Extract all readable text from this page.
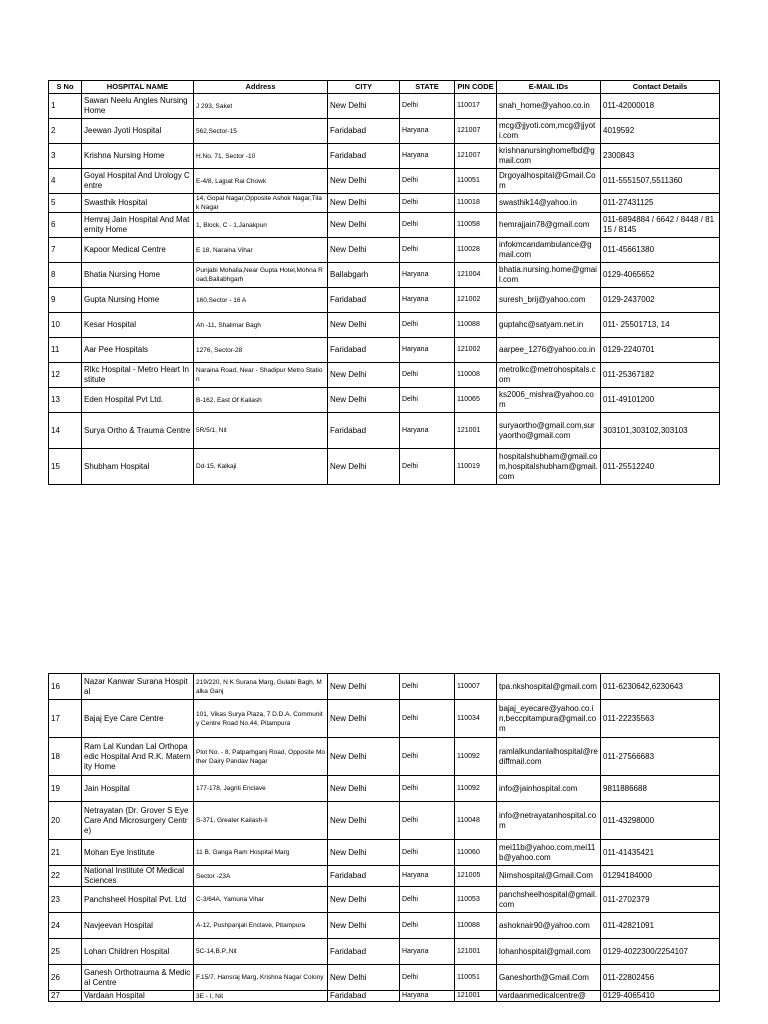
S No	HOSPITAL NAME	Address	CITY	STATE	PIN CODE	E-MAIL IDs	Contact Details
1	Sawan Neelu Angles Nursing Home	J 293, Saket	New Delhi	Delhi	110017	snah_home@yahoo.co.in	011-42000018
2	Jeewan Jyoti Hospital	562,Sector-15	Faridabad	Haryana	121007	mcg@jjyoti.com,mcg@jjyoti.com	4019592
3	Krishna Nursing Home	H.No. 71, Sector -10	Faridabad	Haryana	121007	krishnanursinghomefbd@gmail.com	2300843
4	Goyal Hospital And Urology Centre	E-4/8, Lajpat Rai Chowk	New Delhi	Delhi	110051	Drgoyalhospital@Gmail.Com	011-5551507,5511360
5	Swasthik Hospital	14, Gopal Nagar,Opposite Ashok Nagar,Tilak Nagar	New Delhi	Delhi	110018	swasthik14@yahoo.in	011-27431125
6	Hemraj Jain Hospital And Maternity Home	1, Block, C - 1,Janakpuri	New Delhi	Delhi	110058	hemrajjain78@gmail.com	011-6894884 / 6642 / 8448 / 8115 / 8145
7	Kapoor Medical Centre	E 18, Naraina Vihar	New Delhi	Delhi	110028	infokmcandambulance@gmail.com	011-45661380
8	Bhatia Nursing Home	Punjabi Mohalla,Near Gupta Hotel,Mohna Road,Ballabhgarh	Ballabgarh	Haryana	121004	bhatia.nursing.home@gmail.com	0129-4065652
9	Gupta Nursing Home	160,Sector - 16 A	Faridabad	Haryana	121002	suresh_brij@yahoo.com	0129-2437002
10	Kesar Hospital	Ah -11, Shalimar Bagh	New Delhi	Delhi	110088	guptahc@satyam.net.in	011- 25501713, 14
11	Aar Pee Hospitals	1276, Sector-28	Faridabad	Haryana	121002	aarpee_1276@yahoo.co.in	0129-2240701
12	Rlkc Hospital - Metro Heart Institute	Naraina Road, Near - Shadipur Metro Station	New Delhi	Delhi	110008	metrolkc@metrohospitals.com	011-25367182
13	Eden Hospital Pvt Ltd.	B-162, East Of Kailash	New Delhi	Delhi	110065	ks2006_mishra@yahoo.com	011-49101200
14	Surya Ortho & Trauma Centre	5R/5/1, Nit	Faridabad	Haryana	121001	suryaortho@gmail.com,suryaortho@gmail.com	303101,303102,303103
15	Shubham Hospital	Dd-15, Kalkaji	New Delhi	Delhi	110019	hospitalshubham@gmail.com,hospitalshubham@gmail.com	011-25512240
16	Nazar Kanwar Surana Hospital	219/220, N K Surana Marg, Gulabi Bagh, Malka Ganj	New Delhi	Delhi	110007	tpa.nkshospital@gmail.com	011-6230642,6230643
17	Bajaj Eye Care Centre	101, Vikas Surya Plaza, 7 D.D.A. Community Centre Road No.44, Pitampura	New Delhi	Delhi	110034	bajaj_eyecare@yahoo.co.in,beccpitampura@gmail.com	011-22235563
18	Ram Lal Kundan Lal Orthopaedic Hospital And R.K. Maternity Home	Plot No. - 8, Patparhganj Road, Opposite Mother Dairy Pandav Nagar	New Delhi	Delhi	110092	ramlalkundanlalhospital@rediffmail.com	011-27566683
19	Jain Hospital	177-178, Jagriti Enclave	New Delhi	Delhi	110092	info@jainhospital.com	9811886688
20	Netrayatan (Dr. Grover S Eye Care And Microsurgery Centre)	S-371, Greater Kailash-Ii	New Delhi	Delhi	110048	info@netrayatanhospital.com	011-43298000
21	Mohan Eye Institute	11 B, Ganga Ram Hospital Marg	New Delhi	Delhi	110060	mei11b@yahoo.com,mei11b@yahoo.com	011-41435421
22	National Institute Of Medical Sciences	Sector -23A	Faridabad	Haryana	121005	Nimshospital@Gmail.Com	01294184000
23	Panchsheel Hospital Pvt. Ltd	C-3/64A, Yamuna Vihar	New Delhi	Delhi	110053	panchsheelhospital@gmail.com	011-2702379
24	Navjeevan Hospital	A-12, Pushpanjali Enclave, Pitampura	New Delhi	Delhi	110088	ashoknair90@yahoo.com	011-42821091
25	Lohan Children Hospital	5C-14,B.P.,Nit	Faridabad	Haryana	121001	lohanhospital@gmail.com	0129-4022300/2254107
26	Ganesh Orthotrauma & Medical Centre	F.15/7, Hansraj Marg, Krishna Nagar Colony	New Delhi	Delhi	110051	Ganeshorth@Gmail.Com	011-22802456
27	Vardaan Hospital	3E - I, Nit	Faridabad	Haryana	121001	vardaanmedicalcentre@	0129-4065410
